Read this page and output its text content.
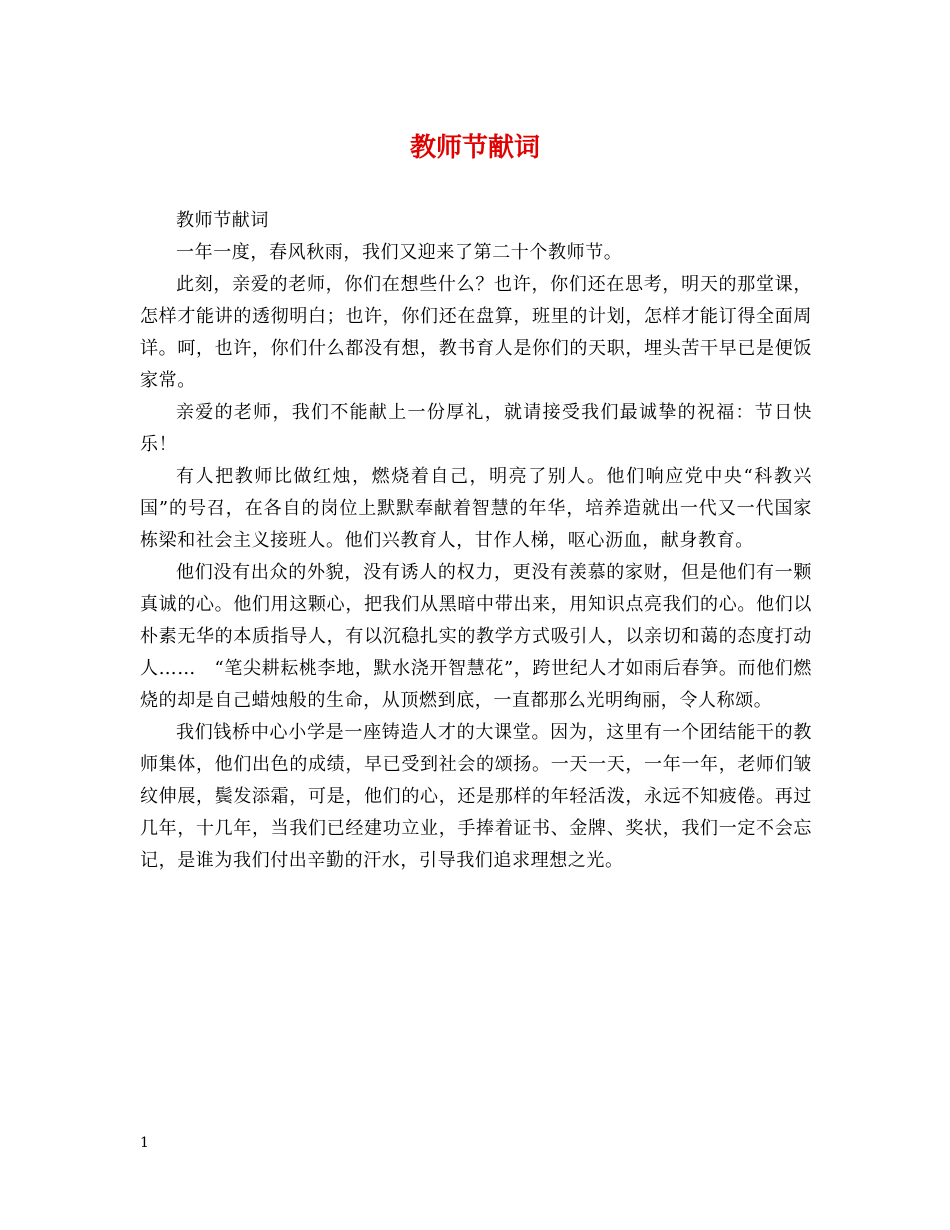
教师节献词

教师节献词

一年一度，春风秋雨，我们又迎来了第二十个教师节。

此刻，亲爱的老师，你们在想些什么？也许，你们还在思考，明天的那堂课，怎样才能讲的透彻明白；也许，你们还在盘算，班里的计划，怎样才能订得全面周详。呵，也许，你们什么都没有想，教书育人是你们的天职，埋头苦干早已是便饭家常。

亲爱的老师，我们不能献上一份厚礼，就请接受我们最诚挚的祝福：节日快乐！

有人把教师比做红烛，燃烧着自己，明亮了别人。他们响应党中央“科教兴国”的号召，在各自的岗位上默默奉献着智慧的年华，培养造就出一代又一代国家栋梁和社会主义接班人。他们兴教育人，甘作人梯，呕心沥血，献身教育。

他们没有出众的外貌，没有诱人的权力，更没有羡慕的家财，但是他们有一颗真诚的心。他们用这颗心，把我们从黑暗中带出来，用知识点亮我们的心。他们以朴素无华的本质指导人，有以沉稳扎实的教学方式吸引人，以亲切和蔼的态度打动人……　“笔尖耕耘桃李地，默水浇开智慧花”，跨世纪人才如雨后春笋。而他们燃烧的却是自己蜡烛般的生命，从顶燃到底，一直都那么光明绚丽，令人称颂。

我们钱桥中心小学是一座铸造人才的大课堂。因为，这里有一个团结能干的教师集体，他们出色的成绩，早已受到社会的颂扬。一天一天，一年一年，老师们皱纹伸展，鬓发添霜，可是，他们的心，还是那样的年轻活泼，永远不知疲倦。再过几年，十几年，当我们已经建功立业，手捧着证书、金牌、奖状，我们一定不会忘记，是谁为我们付出辛勤的汗水，引导我们追求理想之光。

1
